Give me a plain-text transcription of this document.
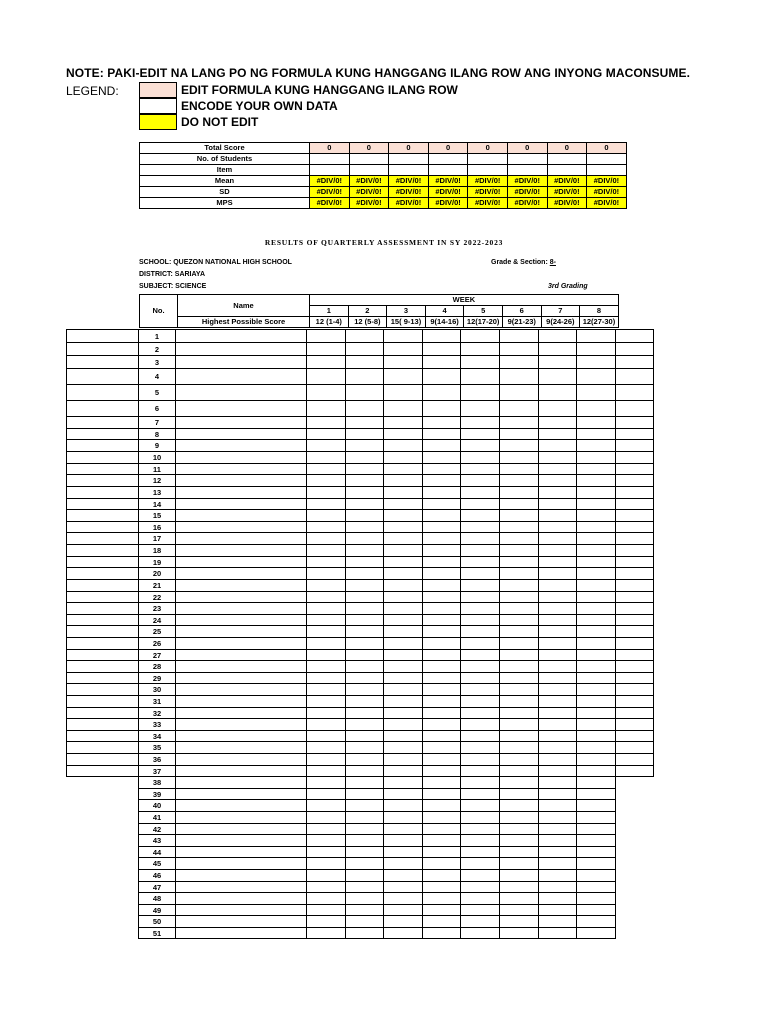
NOTE: PAKI-EDIT NA LANG PO NG FORMULA KUNG HANGGANG ILANG ROW ANG INYONG MACONSUME.
LEGEND:	EDIT FORMULA KUNG HANGGANG ILANG ROW
ENCODE YOUR OWN DATA
DO NOT EDIT
Total Score	0	0	0	0	0	0	0	0
No. of Students								
Item								
Mean	#DIV/0!	#DIV/0!	#DIV/0!	#DIV/0!	#DIV/0!	#DIV/0!	#DIV/0!	#DIV/0!
SD	#DIV/0!	#DIV/0!	#DIV/0!	#DIV/0!	#DIV/0!	#DIV/0!	#DIV/0!	#DIV/0!
MPS	#DIV/0!	#DIV/0!	#DIV/0!	#DIV/0!	#DIV/0!	#DIV/0!	#DIV/0!	#DIV/0!
RESULTS OF QUARTERLY ASSESSMENT IN SY 2022-2023
SCHOOL: QUEZON NATIONAL HIGH SCHOOL
DISTRICT: SARIAYA
SUBJECT: SCIENCE
Grade & Section: 8-
3rd Grading
No.	Name	WEEK							
		1	2	3	4	5	6	7	8
	Highest Possible Score	12 (1-4)	12 (5-8)	15( 9-13)	9(14-16)	12(17-20)	9(21-23)	9(24-26)	12(27-30)
	1										
	2										
	3										
	4										
	5										
	6										
	7										
	8										
	9										
	10										
	11										
	12										
	13										
	14										
	15										
	16										
	17										
	18										
	19										
	20										
	21										
	22										
	23										
	24										
	25										
	26										
	27										
	28										
	29										
	30										
	31										
	32										
	33										
	34										
	35										
	36										
	37										
	38										
	39										
	40										
	41										
	42										
	43										
	44										
	45										
	46										
	47										
	48										
	49										
	50										
	51										
